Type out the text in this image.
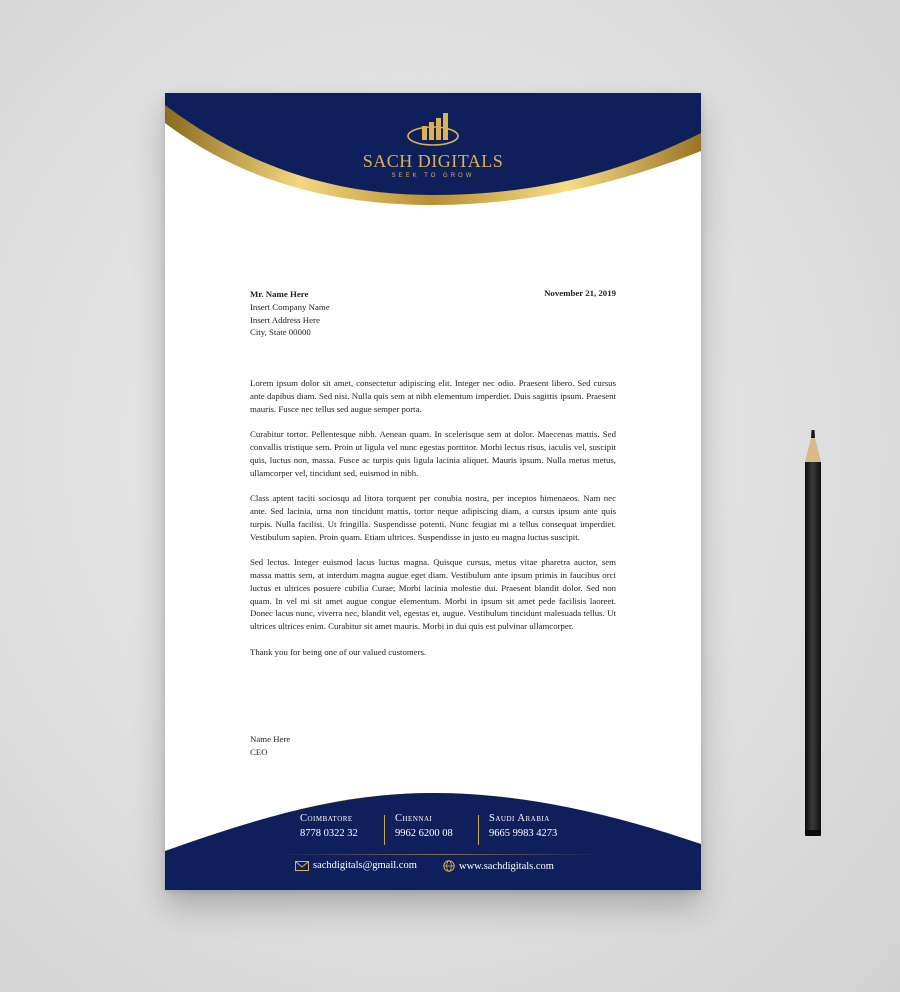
SACH DIGITALS
SEEK TO GROW
Mr. Name Here
Insert Company Name
Insert Address Here
City, State 00000
November 21, 2019

Lorem ipsum dolor sit amet, consectetur adipiscing elit. Integer nec odio. Praesent libero. Sed cursus ante dapibus diam. Sed nisi. Nulla quis sem at nibh elementum imperdiet. Duis sagittis ipsum. Praesent mauris. Fusce nec tellus sed augue semper porta.

Curabitur tortor. Pellentesque nibh. Aenean quam. In scelerisque sem at dolor. Maecenas mattis. Sed convallis tristique sem. Proin ut ligula vel nunc egestas porttitor. Morbi lectus risus, iaculis vel, suscipit quis, luctus non, massa. Fusce ac turpis quis ligula lacinia aliquet. Mauris ipsum. Nulla metus metus, ullamcorper vel, tincidunt sed, euismod in nibh.

Class aptent taciti sociosqu ad litora torquent per conubia nostra, per inceptos himenaeos. Nam nec ante. Sed lacinia, urna non tincidunt mattis, tortor neque adipiscing diam, a cursus ipsum ante quis turpis. Nulla facilisi. Ut fringilla. Suspendisse potenti. Nunc feugiat mi a tellus consequat imperdiet. Vestibulum sapien. Proin quam. Etiam ultrices. Suspendisse in justo eu magna luctus suscipit.

Sed lectus. Integer euismod lacus luctus magna. Quisque cursus, metus vitae pharetra auctor, sem massa mattis sem, at interdum magna augue eget diam. Vestibulum ante ipsum primis in faucibus orci luctus et ultrices posuere cubilia Curae; Morbi lacinia molestie dui. Praesent blandit dolor. Sed non quam. In vel mi sit amet augue congue elementum. Morbi in ipsum sit amet pede facilisis laoreet. Donec lacus nunc, viverra nec, blandit vel, egestas et, augue. Vestibulum tincidunt malesuada tellus. Ut ultrices ultrices enim. Curabitur sit amet mauris. Morbi in dui quis est pulvinar ullamcorper.

Thank you for being one of our valued customers.

Name Here
CEO
Coimbatore
8778 0322 32
Chennai
9962 6200 08
Saudi Arabia
9665 9983 4273
sachdigitals@gmail.com	www.sachdigitals.com
